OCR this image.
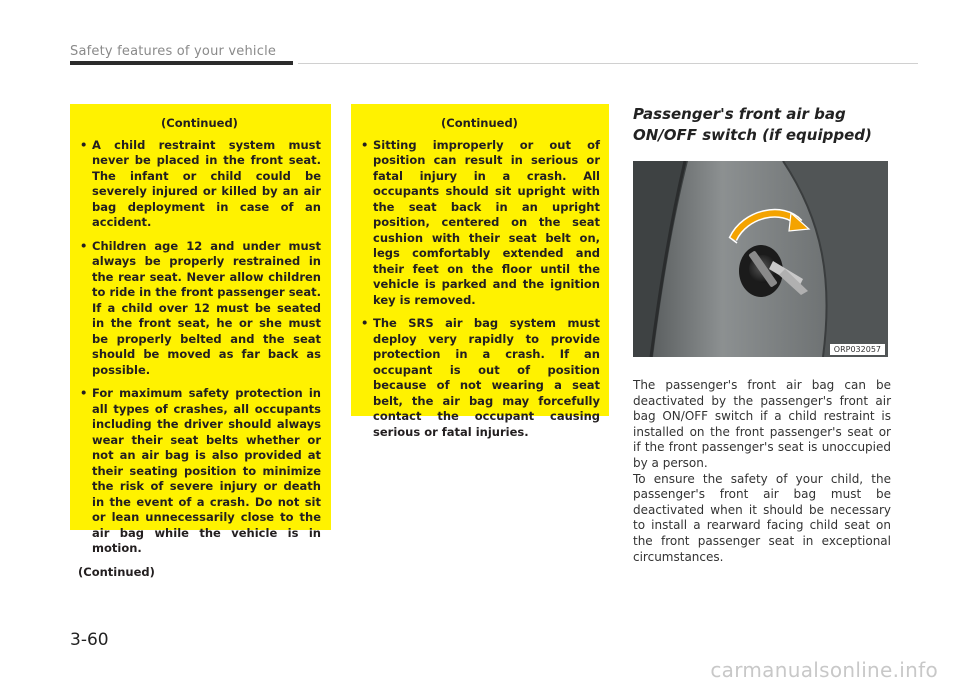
Safety features of your vehicle
(Continued)
• A child restraint system must never be placed in the front seat. The infant or child could be severely injured or killed by an air bag deployment in case of an accident.
• Children age 12 and under must always be properly restrained in the rear seat. Never allow children to ride in the front passenger seat. If a child over 12 must be seated in the front seat, he or she must be properly belted and the seat should be moved as far back as possible.
• For maximum safety protection in all types of crashes, all occupants including the driver should always wear their seat belts whether or not an air bag is also provided at their seating position to minimize the risk of severe injury or death in the event of a crash. Do not sit or lean unnecessarily close to the air bag while the vehicle is in motion.
(Continued)
(Continued)
• Sitting improperly or out of position can result in serious or fatal injury in a crash. All occupants should sit upright with the seat back in an upright position, centered on the seat cushion with their seat belt on, legs comfortably extended and their feet on the floor until the vehicle is parked and the ignition key is removed.
• The SRS air bag system must deploy very rapidly to provide protection in a crash. If an occupant is out of position because of not wearing a seat belt, the air bag may forcefully contact the occupant causing serious or fatal injuries.
Passenger's front air bag ON/OFF switch (if equipped)
ORP032057

The passenger's front air bag can be deactivated by the passenger's front air bag ON/OFF switch if a child restraint is installed on the front passenger's seat or if the front passenger's seat is unoccupied by a person.

To ensure the safety of your child, the passenger's front air bag must be deactivated when it should be necessary to install a rearward facing child seat on the front passenger seat in exceptional circumstances.

3-60
carmanualsonline.info
